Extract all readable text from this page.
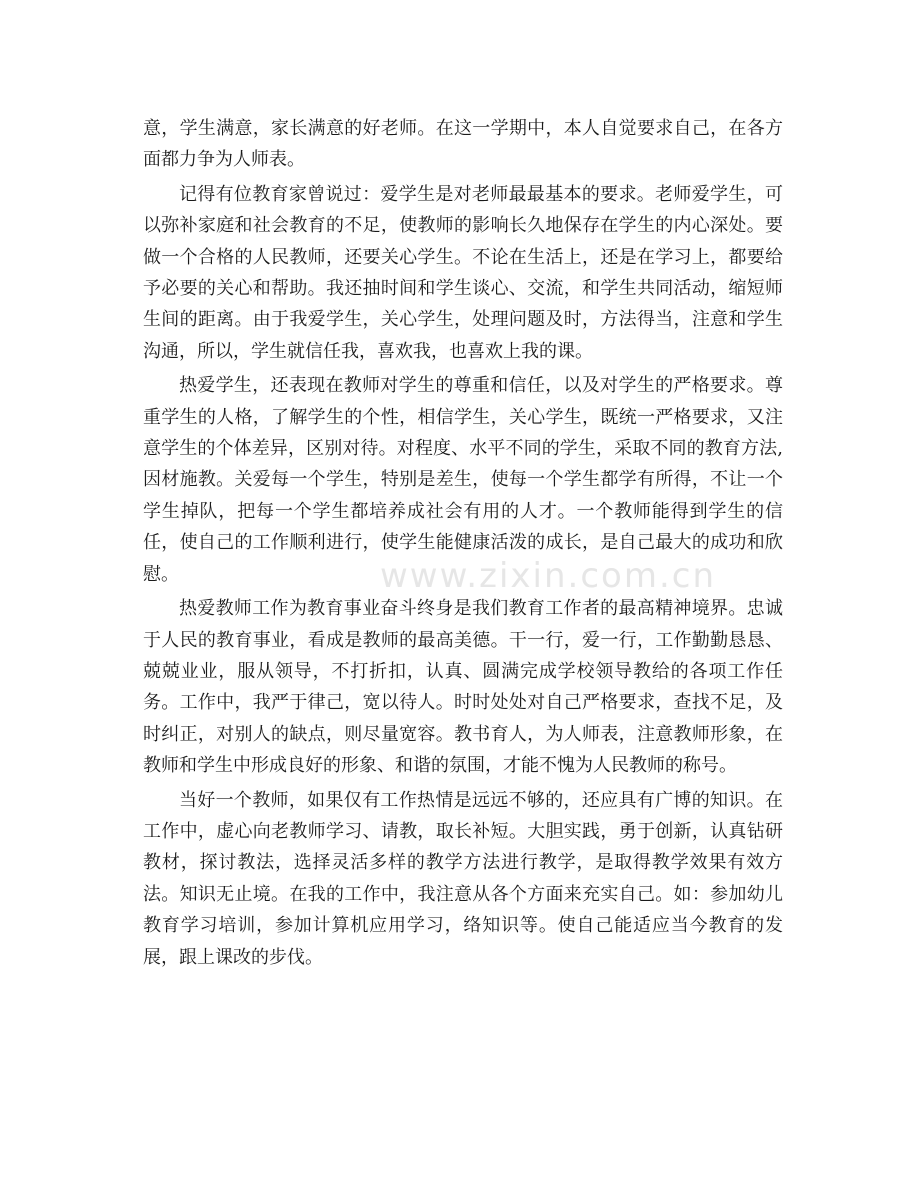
www.zixin.com.cn

意，学生满意，家长满意的好老师。在这一学期中，本人自觉要求自己，在各方面都力争为人师表。

记得有位教育家曾说过：爱学生是对老师最最基本的要求。老师爱学生，可以弥补家庭和社会教育的不足，使教师的影响长久地保存在学生的内心深处。要做一个合格的人民教师，还要关心学生。不论在生活上，还是在学习上，都要给予必要的关心和帮助。我还抽时间和学生谈心、交流，和学生共同活动，缩短师生间的距离。由于我爱学生，关心学生，处理问题及时，方法得当，注意和学生沟通，所以，学生就信任我，喜欢我，也喜欢上我的课。

热爱学生，还表现在教师对学生的尊重和信任，以及对学生的严格要求。尊重学生的人格，了解学生的个性，相信学生，关心学生，既统一严格要求，又注意学生的个体差异，区别对待。对程度、水平不同的学生，采取不同的教育方法,因材施教。关爱每一个学生，特别是差生，使每一个学生都学有所得，不让一个学生掉队，把每一个学生都培养成社会有用的人才。一个教师能得到学生的信任，使自己的工作顺利进行，使学生能健康活泼的成长，是自己最大的成功和欣慰。

热爱教师工作为教育事业奋斗终身是我们教育工作者的最高精神境界。忠诚于人民的教育事业，看成是教师的最高美德。干一行，爱一行，工作勤勤恳恳、兢兢业业，服从领导，不打折扣，认真、圆满完成学校领导教给的各项工作任务。工作中，我严于律己，宽以待人。时时处处对自己严格要求，查找不足，及时纠正，对别人的缺点，则尽量宽容。教书育人，为人师表，注意教师形象，在教师和学生中形成良好的形象、和谐的氛围，才能不愧为人民教师的称号。

当好一个教师，如果仅有工作热情是远远不够的，还应具有广博的知识。在工作中，虚心向老教师学习、请教，取长补短。大胆实践，勇于创新，认真钻研教材，探讨教法，选择灵活多样的教学方法进行教学，是取得教学效果有效方法。知识无止境。在我的工作中，我注意从各个方面来充实自己。如：参加幼儿教育学习培训，参加计算机应用学习，络知识等。使自己能适应当今教育的发展，跟上课改的步伐。
